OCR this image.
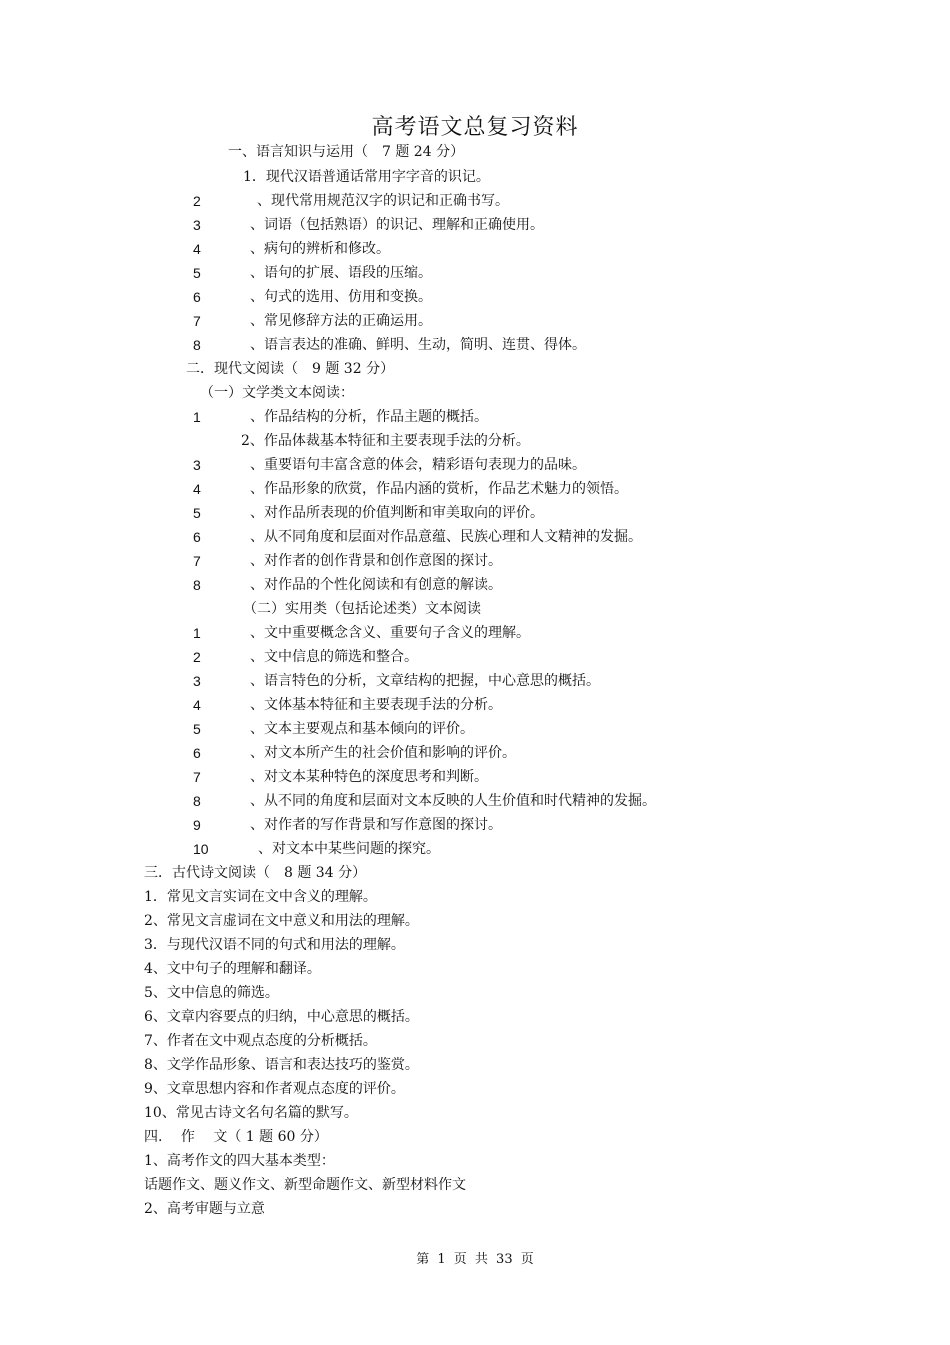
高考语文总复习资料
一、语言知识与运用（　7 题 24 分）
1．现代汉语普通话常用字字音的识记。
2	、现代常用规范汉字的识记和正确书写。
3	、词语（包括熟语）的识记、理解和正确使用。
4	、病句的辨析和修改。
5	、语句的扩展、语段的压缩。
6	、句式的选用、仿用和变换。
7	、常见修辞方法的正确运用。
8	、语言表达的准确、鲜明、生动，简明、连贯、得体。
二．现代文阅读（　9 题 32 分）
（一）文学类文本阅读：
1	、作品结构的分析，作品主题的概括。
2、作品体裁基本特征和主要表现手法的分析。
3	、重要语句丰富含意的体会，精彩语句表现力的品味。
4	、作品形象的欣赏，作品内涵的赏析，作品艺术魅力的领悟。
5	、对作品所表现的价值判断和审美取向的评价。
6	、从不同角度和层面对作品意蕴、民族心理和人文精神的发掘。
7	、对作者的创作背景和创作意图的探讨。
8	、对作品的个性化阅读和有创意的解读。
（二）实用类（包括论述类）文本阅读
1	、文中重要概念含义、重要句子含义的理解。
2	、文中信息的筛选和整合。
3	、语言特色的分析，文章结构的把握，中心意思的概括。
4	、文体基本特征和主要表现手法的分析。
5	、文本主要观点和基本倾向的评价。
6	、对文本所产生的社会价值和影响的评价。
7	、对文本某种特色的深度思考和判断。
8	、从不同的角度和层面对文本反映的人生价值和时代精神的发掘。
9	、对作者的写作背景和写作意图的探讨。
10	、对文本中某些问题的探究。
三．古代诗文阅读（　8 题 34 分）
1．常见文言实词在文中含义的理解。
2、常见文言虚词在文中意义和用法的理解。
3．与现代汉语不同的句式和用法的理解。
4、文中句子的理解和翻译。
5、文中信息的筛选。
6、文章内容要点的归纳，中心意思的概括。
7、作者在文中观点态度的分析概括。
8、文学作品形象、语言和表达技巧的鉴赏。
9、文章思想内容和作者观点态度的评价。
10、常见古诗文名句名篇的默写。
四.　 作　 文（ 1 题 60 分）
1、高考作文的四大基本类型：
话题作文、题义作文、新型命题作文、新型材料作文
2、高考审题与立意
第 1 页 共 33 页
